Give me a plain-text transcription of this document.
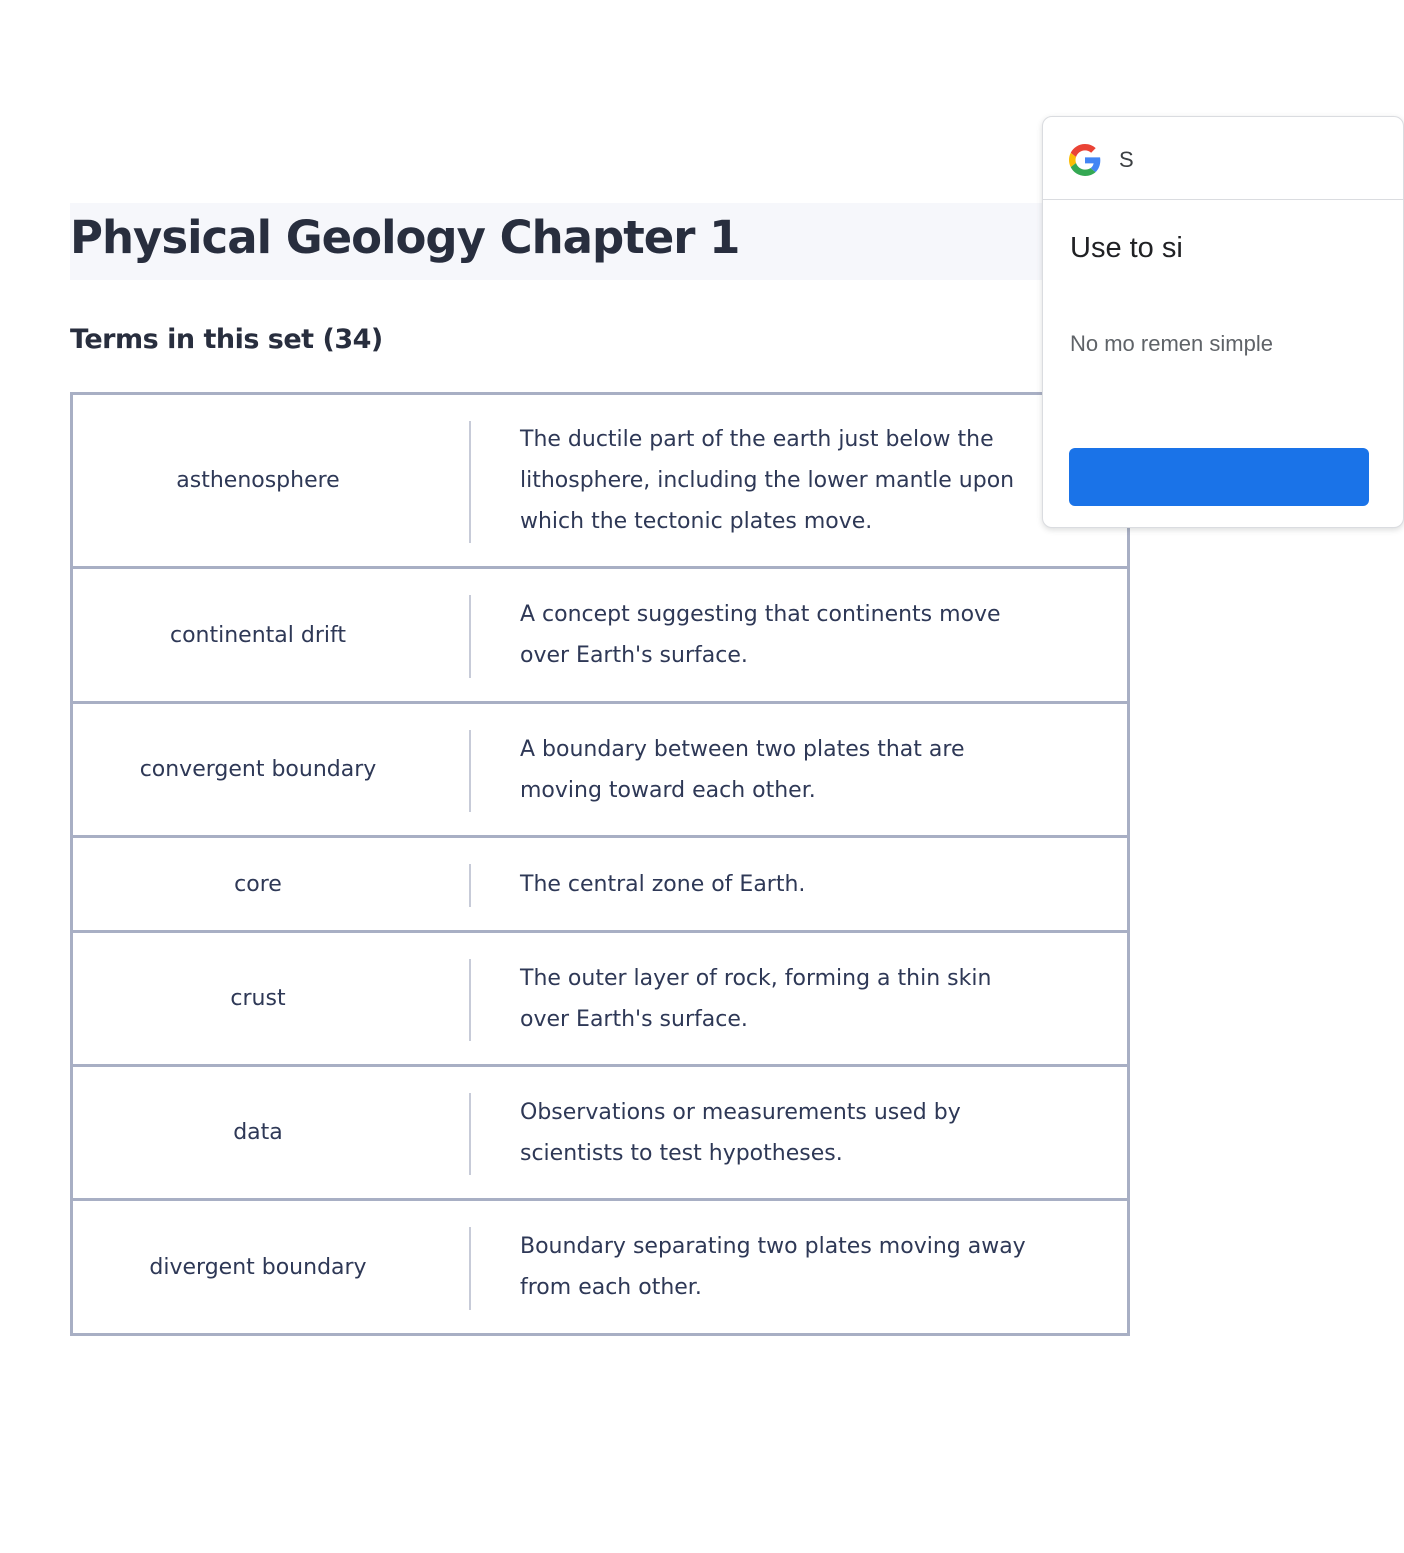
Physical Geology Chapter 1
Terms in this set (34)
asthenosphere
The ductile part of the earth just below the lithosphere, including the lower mantle upon which the tectonic plates move.
continental drift
A concept suggesting that continents move over Earth's surface.
convergent boundary
A boundary between two plates that are moving toward each other.
core	The central zone of Earth.
crust
The outer layer of rock, forming a thin skin over Earth's surface.
data
Observations or measurements used by scientists to test hypotheses.
divergent boundary
Boundary separating two plates moving away from each other.
S
Use to si
No mo remen simple
